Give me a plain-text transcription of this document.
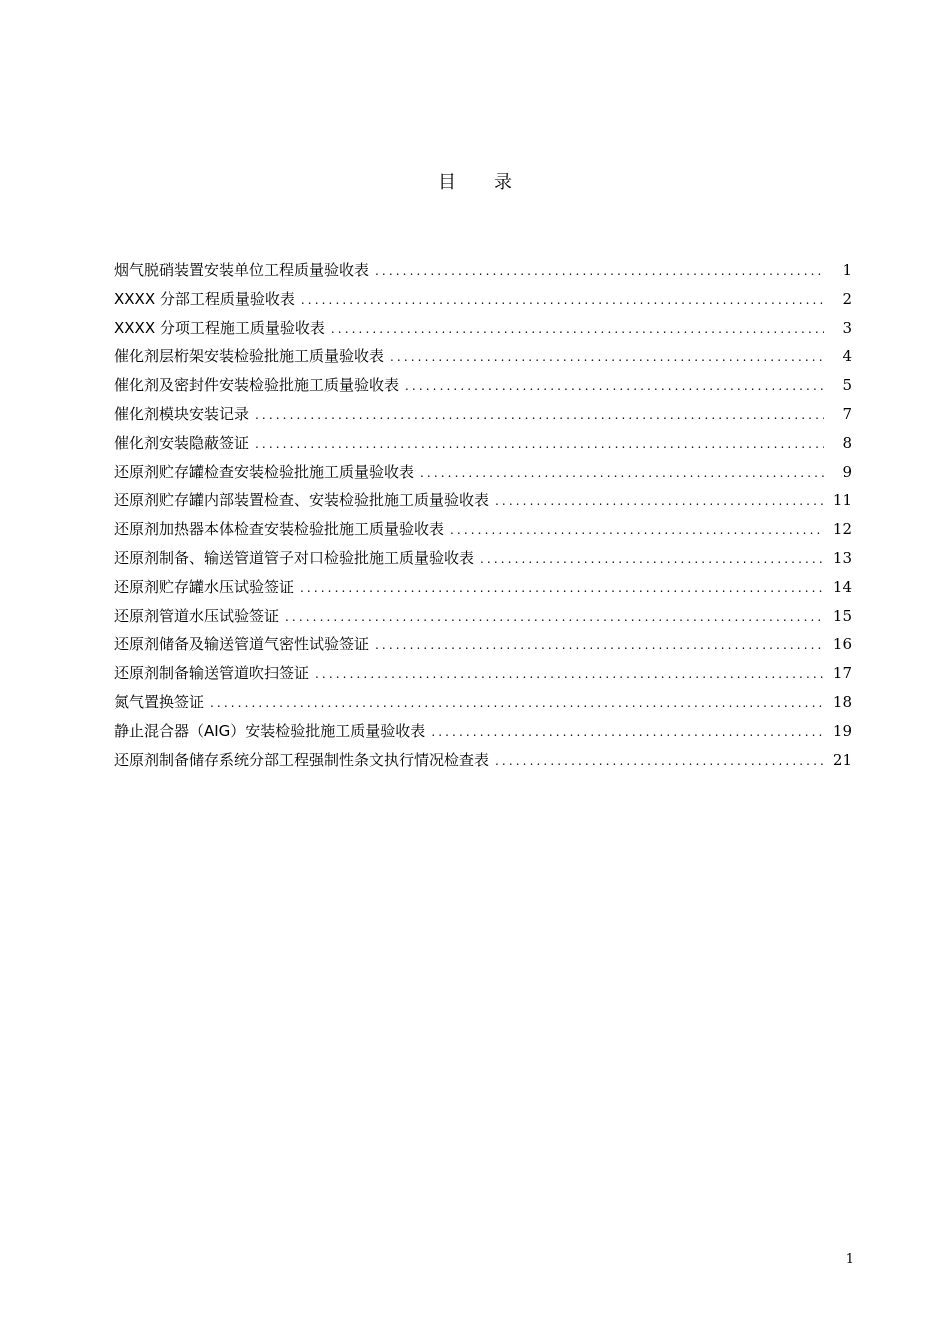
目 录
烟气脱硝装置安装单位工程质量验收表 .....	1
XXXX 分部工程质量验收表 .....	2
XXXX 分项工程施工质量验收表 .....	3
催化剂层桁架安装检验批施工质量验收表 .....	4
催化剂及密封件安装检验批施工质量验收表 .....	5
催化剂模块安装记录 .....	7
催化剂安装隐蔽签证 .....	8
还原剂贮存罐检查安装检验批施工质量验收表 .....	9
还原剂贮存罐内部装置检查、安装检验批施工质量验收表 .....	11
还原剂加热器本体检查安装检验批施工质量验收表 .....	12
还原剂制备、输送管道管子对口检验批施工质量验收表 .....	13
还原剂贮存罐水压试验签证 .....	14
还原剂管道水压试验签证 .....	15
还原剂储备及输送管道气密性试验签证 .....	16
还原剂制备输送管道吹扫签证 .....	17
氮气置换签证 .....	18
静止混合器（AIG）安装检验批施工质量验收表 .....	19
还原剂制备储存系统分部工程强制性条文执行情况检查表 .....	21
1
